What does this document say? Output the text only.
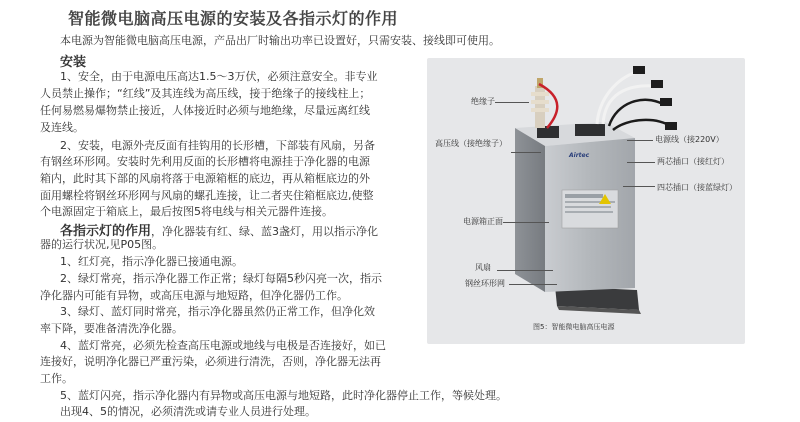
智能微电脑高压电源的安装及各指示灯的作用
本电源为智能微电脑高压电源，产品出厂时输出功率已设置好，只需安装、接线即可使用。
安装
1、安全，由于电源电压高达1.5～3万伏，必须注意安全。非专业
人员禁止操作；“红线”及其连线为高压线，接于绝缘子的接线柱上；
任何易燃易爆物禁止接近，人体接近时必须与地绝缘，尽量远离红线
及连线。
2、安装，电源外壳反面有挂钩用的长形槽，下部装有风扇，另备
有钢丝环形网。安装时先利用反面的长形槽将电源挂于净化器的电源
箱内，此时其下部的风扇将落于电源箱框的底边，再从箱框底边的外
面用螺栓将钢丝环形网与风扇的螺孔连接，让二者夹住箱框底边,使整
个电源固定于箱底上，最后按图5将电线与相关元器件连接。
各指示灯的作用，净化器装有红、绿、蓝3盏灯，用以指示净化
器的运行状况,见P05图。
1、红灯亮，指示净化器已接通电源。
2、绿灯常亮，指示净化器工作正常；绿灯每隔5秒闪亮一次，指示
净化器内可能有异物，或高压电源与地短路，但净化器仍工作。
3、绿灯、蓝灯同时常亮，指示净化器虽然仍正常工作，但净化效
率下降，要准备清洗净化器。
4、蓝灯常亮，必须先检查高压电源或地线与电极是否连接好，如已
连接好，说明净化器已严重污染，必须进行清洗，否则，净化器无法再
工作。
5、蓝灯闪亮，指示净化器内有异物或高压电源与地短路，此时净化器停止工作，等候处理。
出现4、5的情况，必须清洗或请专业人员进行处理。
绝缘子
高压线（接绝缘子）	电源线（接220V）
两芯插口（接红灯）
四芯插口（接蓝绿灯）
电源箱正面
风扇
钢丝环形网
图5：智能微电脑高压电源
Airtec
